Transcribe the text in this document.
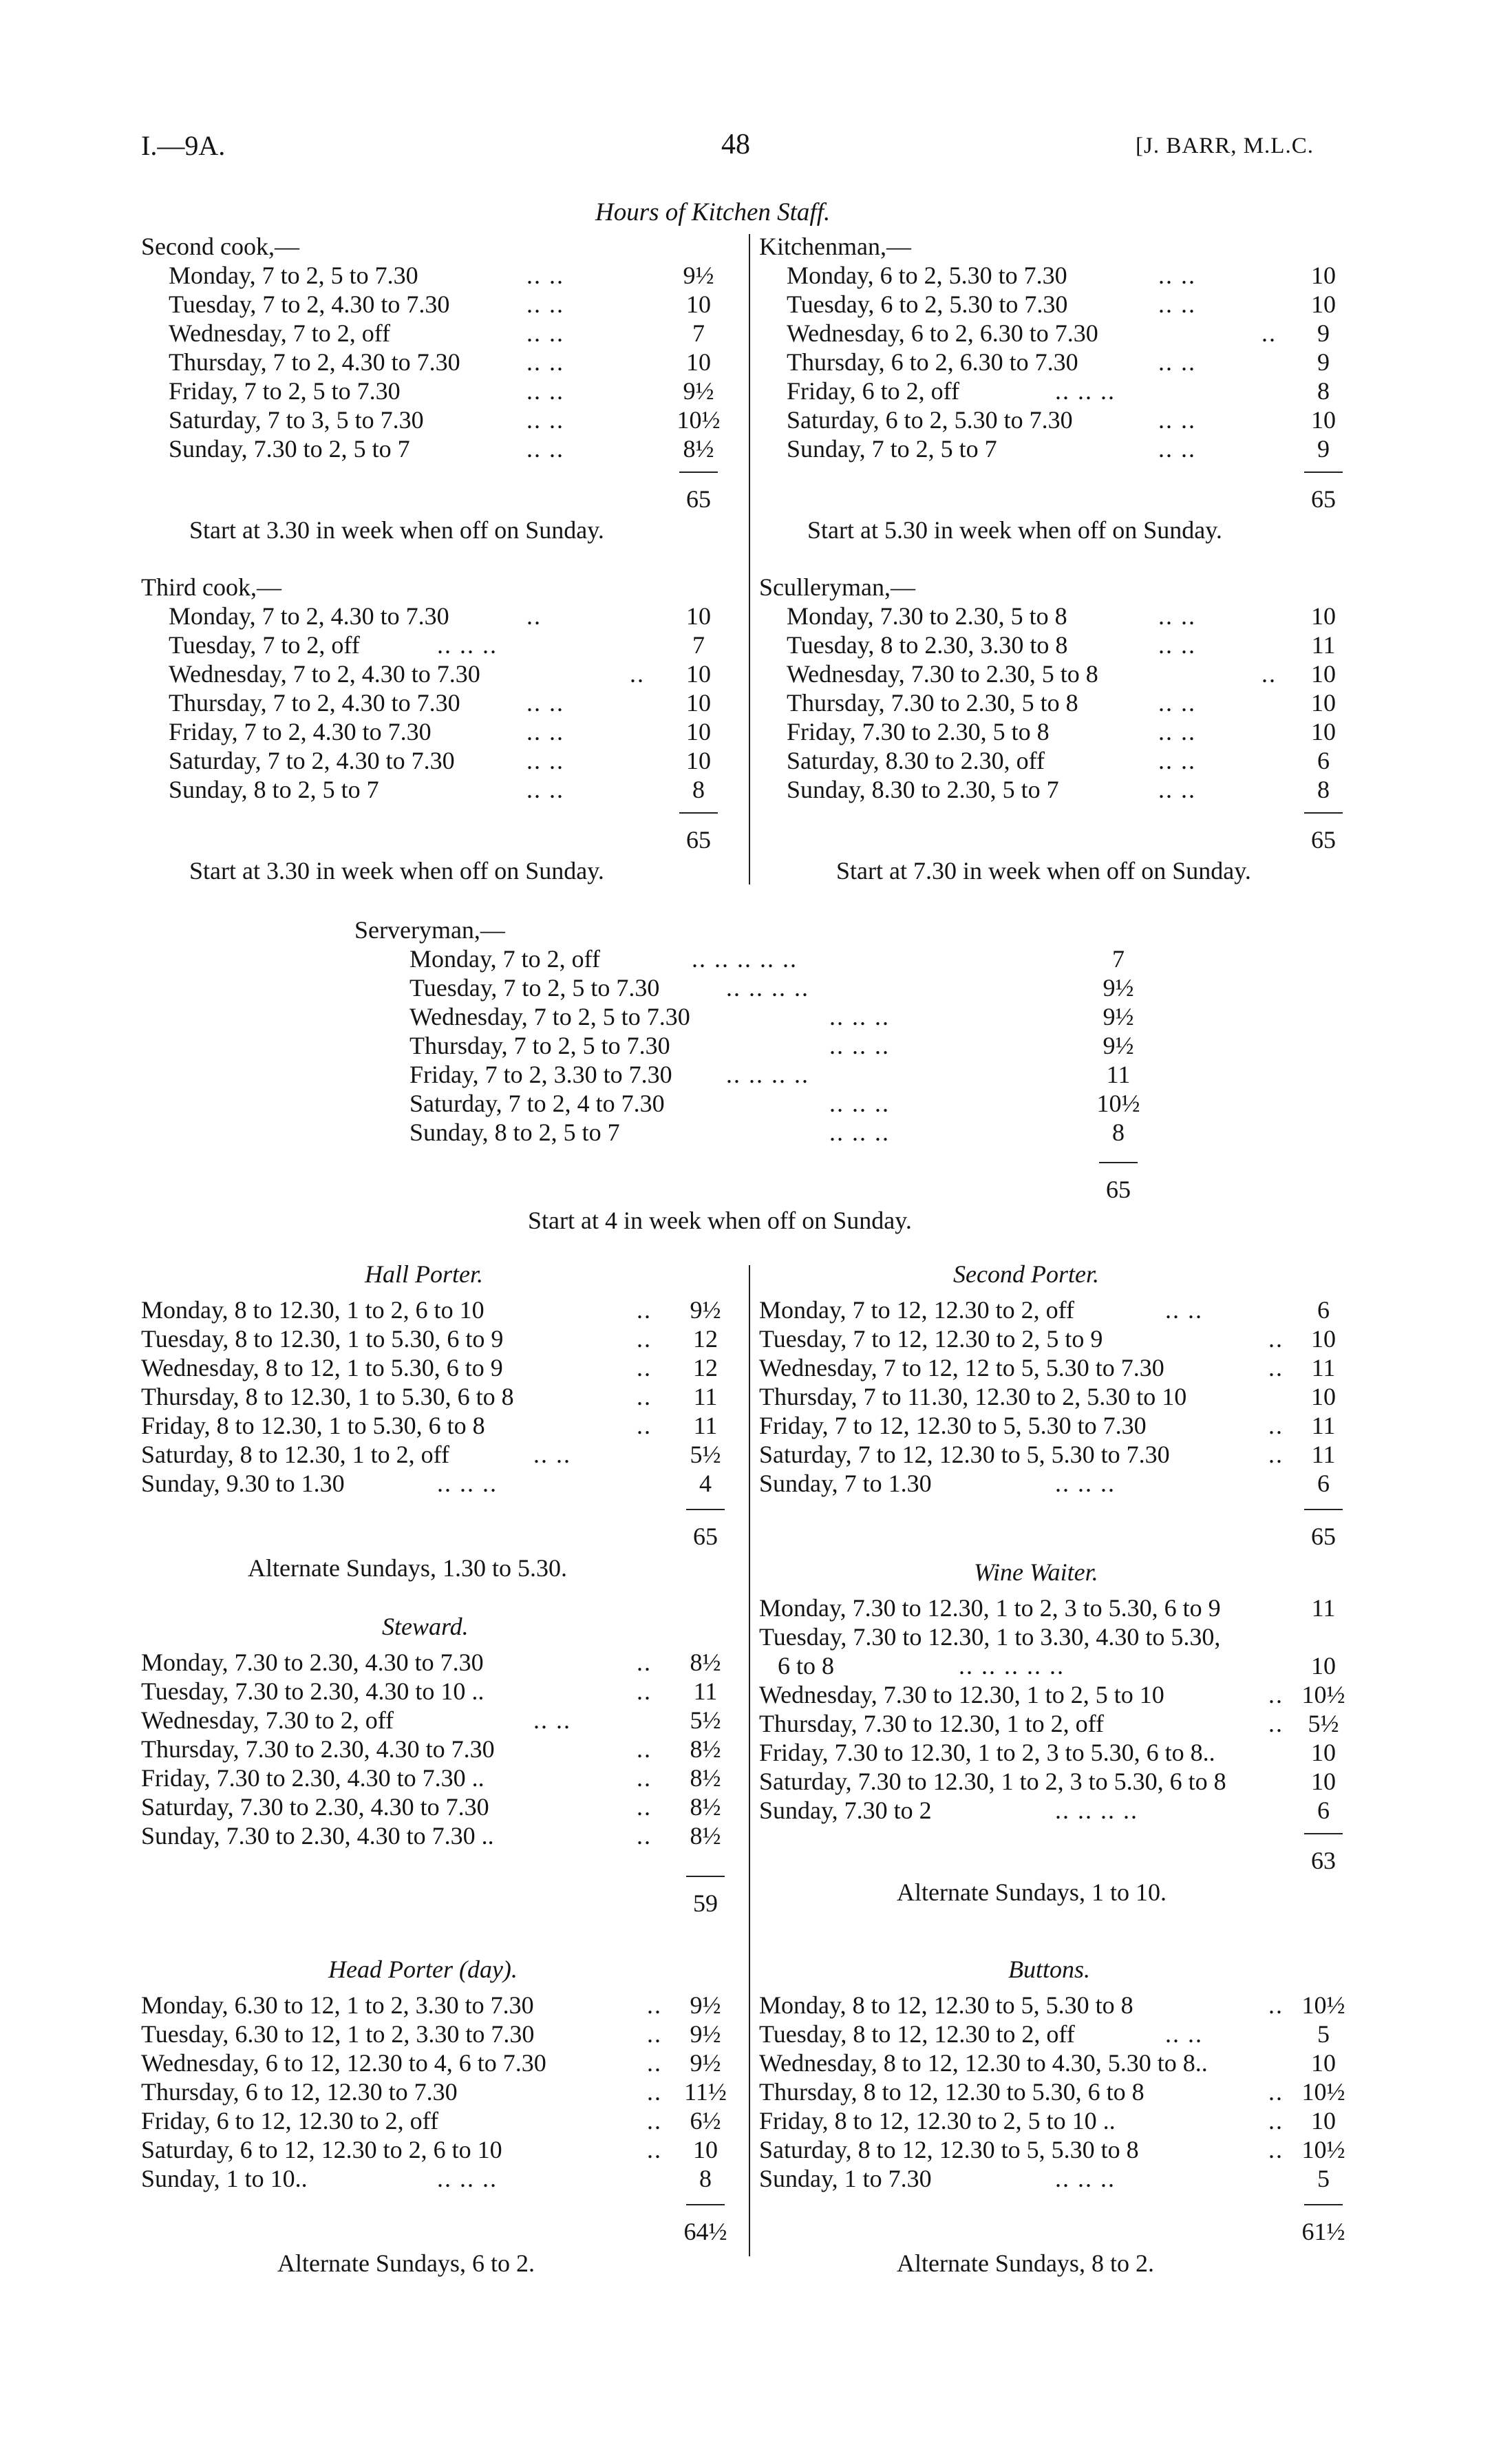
I.—9A.	48	[J. BARR, M.L.C.
Hours of Kitchen Staff.
Second cook,—
Monday, 7 to 2, 5 to 7.30	.. ..	9½
Tuesday, 7 to 2, 4.30 to 7.30	.. ..	10
Wednesday, 7 to 2, off	.. ..	7
Thursday, 7 to 2, 4.30 to 7.30	.. ..	10
Friday, 7 to 2, 5 to 7.30	.. ..	9½
Saturday, 7 to 3, 5 to 7.30	.. ..	10½
Sunday, 7.30 to 2, 5 to 7	.. ..	8½
65
Start at 3.30 in week when off on Sunday.
Kitchenman,—
Monday, 6 to 2, 5.30 to 7.30	.. ..	10
Tuesday, 6 to 2, 5.30 to 7.30	.. ..	10
Wednesday, 6 to 2, 6.30 to 7.30	..	9
Thursday, 6 to 2, 6.30 to 7.30	.. ..	9
Friday, 6 to 2, off	.. .. ..	8
Saturday, 6 to 2, 5.30 to 7.30	.. ..	10
Sunday, 7 to 2, 5 to 7	.. ..	9
65
Start at 5.30 in week when off on Sunday.
Third cook,—
Monday, 7 to 2, 4.30 to 7.30	..	10
Tuesday, 7 to 2, off	.. .. ..	7
Wednesday, 7 to 2, 4.30 to 7.30	..	10
Thursday, 7 to 2, 4.30 to 7.30	.. ..	10
Friday, 7 to 2, 4.30 to 7.30	.. ..	10
Saturday, 7 to 2, 4.30 to 7.30	.. ..	10
Sunday, 8 to 2, 5 to 7	.. ..	8
65
Start at 3.30 in week when off on Sunday.
Sculleryman,—
Monday, 7.30 to 2.30, 5 to 8	.. ..	10
Tuesday, 8 to 2.30, 3.30 to 8	.. ..	11
Wednesday, 7.30 to 2.30, 5 to 8	..	10
Thursday, 7.30 to 2.30, 5 to 8	.. ..	10
Friday, 7.30 to 2.30, 5 to 8	.. ..	10
Saturday, 8.30 to 2.30, off	.. ..	6
Sunday, 8.30 to 2.30, 5 to 7	.. ..	8
65
Start at 7.30 in week when off on Sunday.
Serveryman,—
Monday, 7 to 2, off	.. .. .. .. ..	7
Tuesday, 7 to 2, 5 to 7.30	.. .. .. ..	9½
Wednesday, 7 to 2, 5 to 7.30	.. .. ..	9½
Thursday, 7 to 2, 5 to 7.30	.. .. ..	9½
Friday, 7 to 2, 3.30 to 7.30 .. .. .. ..	11
Saturday, 7 to 2, 4 to 7.30	.. .. ..	10½
Sunday, 8 to 2, 5 to 7	.. .. ..	8
65
Start at 4 in week when off on Sunday.
Hall Porter.
Monday, 8 to 12.30, 1 to 2, 6 to 10	..	9½
Tuesday, 8 to 12.30, 1 to 5.30, 6 to 9	..	12
Wednesday, 8 to 12, 1 to 5.30, 6 to 9	..	12
Thursday, 8 to 12.30, 1 to 5.30, 6 to 8	..	11
Friday, 8 to 12.30, 1 to 5.30, 6 to 8	..	11
Saturday, 8 to 12.30, 1 to 2, off	.. ..	5½
Sunday, 9.30 to 1.30	.. .. ..	4
65
Alternate Sundays, 1.30 to 5.30.
Second Porter.
Monday, 7 to 12, 12.30 to 2, off	.. ..	6
Tuesday, 7 to 12, 12.30 to 2, 5 to 9	..	10
Wednesday, 7 to 12, 12 to 5, 5.30 to 7.30	..	11
Thursday, 7 to 11.30, 12.30 to 2, 5.30 to 10	10
Friday, 7 to 12, 12.30 to 5, 5.30 to 7.30	..	11
Saturday, 7 to 12, 12.30 to 5, 5.30 to 7.30	..	11
Sunday, 7 to 1.30	.. .. ..	6
65
Steward.
Monday, 7.30 to 2.30, 4.30 to 7.30	..	8½
Tuesday, 7.30 to 2.30, 4.30 to 10 ..	..	11
Wednesday, 7.30 to 2, off	.. ..	5½
Thursday, 7.30 to 2.30, 4.30 to 7.30	..	8½
Friday, 7.30 to 2.30, 4.30 to 7.30 ..	..	8½
Saturday, 7.30 to 2.30, 4.30 to 7.30	..	8½
Sunday, 7.30 to 2.30, 4.30 to 7.30 ..	..	8½
59
Wine Waiter.
Monday, 7.30 to 12.30, 1 to 2, 3 to 5.30, 6 to 9	11
Tuesday, 7.30 to 12.30, 1 to 3.30, 4.30 to 5.30,
6 to 8	.. .. .. .. ..	10
Wednesday, 7.30 to 12.30, 1 to 2, 5 to 10	.. 10½
Thursday, 7.30 to 12.30, 1 to 2, off	.. 5½
Friday, 7.30 to 12.30, 1 to 2, 3 to 5.30, 6 to 8..	10
Saturday, 7.30 to 12.30, 1 to 2, 3 to 5.30, 6 to 8	10
Sunday, 7.30 to 2	.. .. .. ..	6
63
Alternate Sundays, 1 to 10.
Head Porter (day).
Monday, 6.30 to 12, 1 to 2, 3.30 to 7.30	..	9½
Tuesday, 6.30 to 12, 1 to 2, 3.30 to 7.30	..	9½
Wednesday, 6 to 12, 12.30 to 4, 6 to 7.30	..	9½
Thursday, 6 to 12, 12.30 to 7.30	.. 11½
Friday, 6 to 12, 12.30 to 2, off	..	6½
Saturday, 6 to 12, 12.30 to 2, 6 to 10	..	10
Sunday, 1 to 10..	.. .. ..	8
64½
Alternate Sundays, 6 to 2.
Buttons.
Monday, 8 to 12, 12.30 to 5, 5.30 to 8	.. 10½
Tuesday, 8 to 12, 12.30 to 2, off	.. ..	5
Wednesday, 8 to 12, 12.30 to 4.30, 5.30 to 8..	10
Thursday, 8 to 12, 12.30 to 5.30, 6 to 8	.. 10½
Friday, 8 to 12, 12.30 to 2, 5 to 10 ..	..	10
Saturday, 8 to 12, 12.30 to 5, 5.30 to 8	.. 10½
Sunday, 1 to 7.30	.. .. ..	5
61½
Alternate Sundays, 8 to 2.
